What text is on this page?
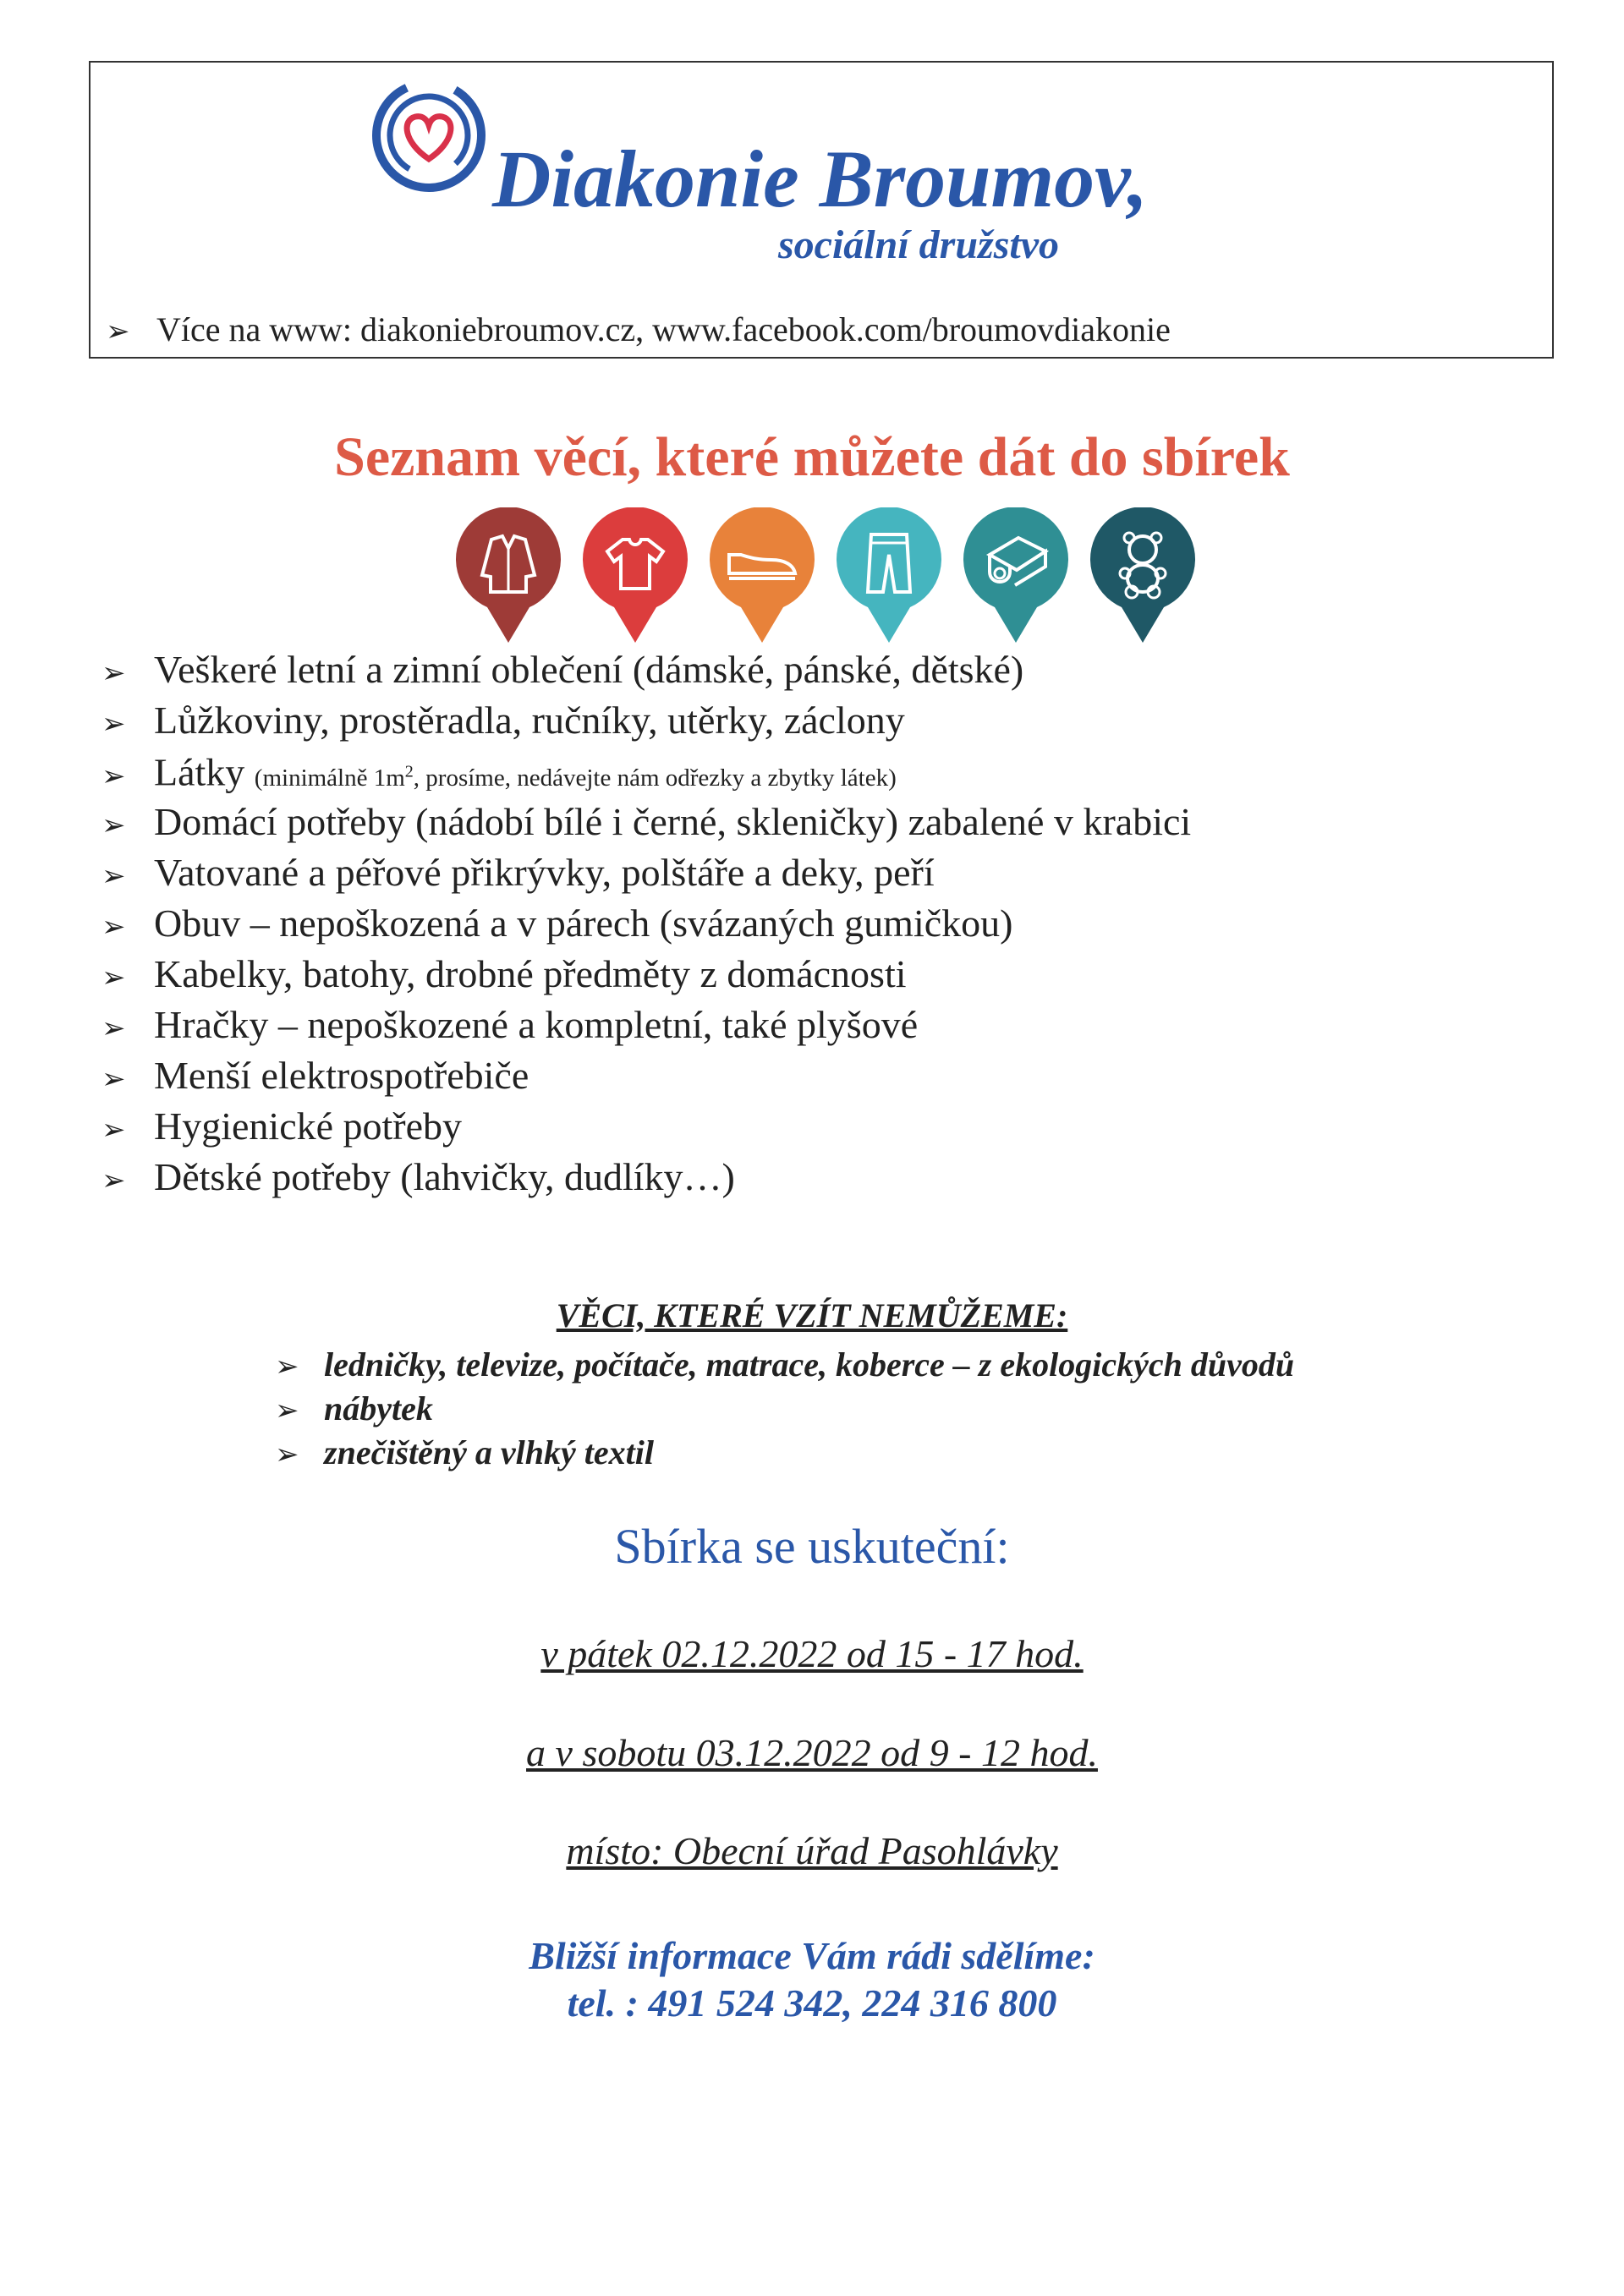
Diakonie Broumov,
sociální družstvo
➢ Více na www: diakoniebroumov.cz, www.facebook.com/broumovdiakonie
Seznam věcí, které můžete dát do sbírek
➢ Veškeré letní a zimní oblečení (dámské, pánské, dětské)
➢ Lůžkoviny, prostěradla, ručníky, utěrky, záclony
➢ Látky (minimálně $1m^2$, prosíme, nedávejte nám odřezky a zbytky látek)
➢ Domácí potřeby (nádobí bílé i černé, skleničky) zabalené v krabici
➢ Vatované a péřové přikrývky, polštáře a deky, peří
➢ Obuv – nepoškozená a v párech (svázaných gumičkou)
➢ Kabelky, batohy, drobné předměty z domácnosti
➢ Hračky – nepoškozené a kompletní, také plyšové
➢ Menší elektrospotřebiče
➢ Hygienické potřeby
➢ Dětské potřeby (lahvičky, dudlíky…)
VĚCI, KTERÉ VZÍT NEMŮŽEME:
➢ ledničky, televize, počítače, matrace, koberce – z ekologických důvodů
➢ nábytek
➢ znečištěný a vlhký textil
Sbírka se uskuteční:
v pátek 02.12.2022 od 15 - 17 hod.
a v sobotu 03.12.2022 od 9 - 12 hod.
místo: Obecní úřad Pasohlávky
Bližší informace Vám rádi sdělíme:
tel. : 491 524 342, 224 316 800
